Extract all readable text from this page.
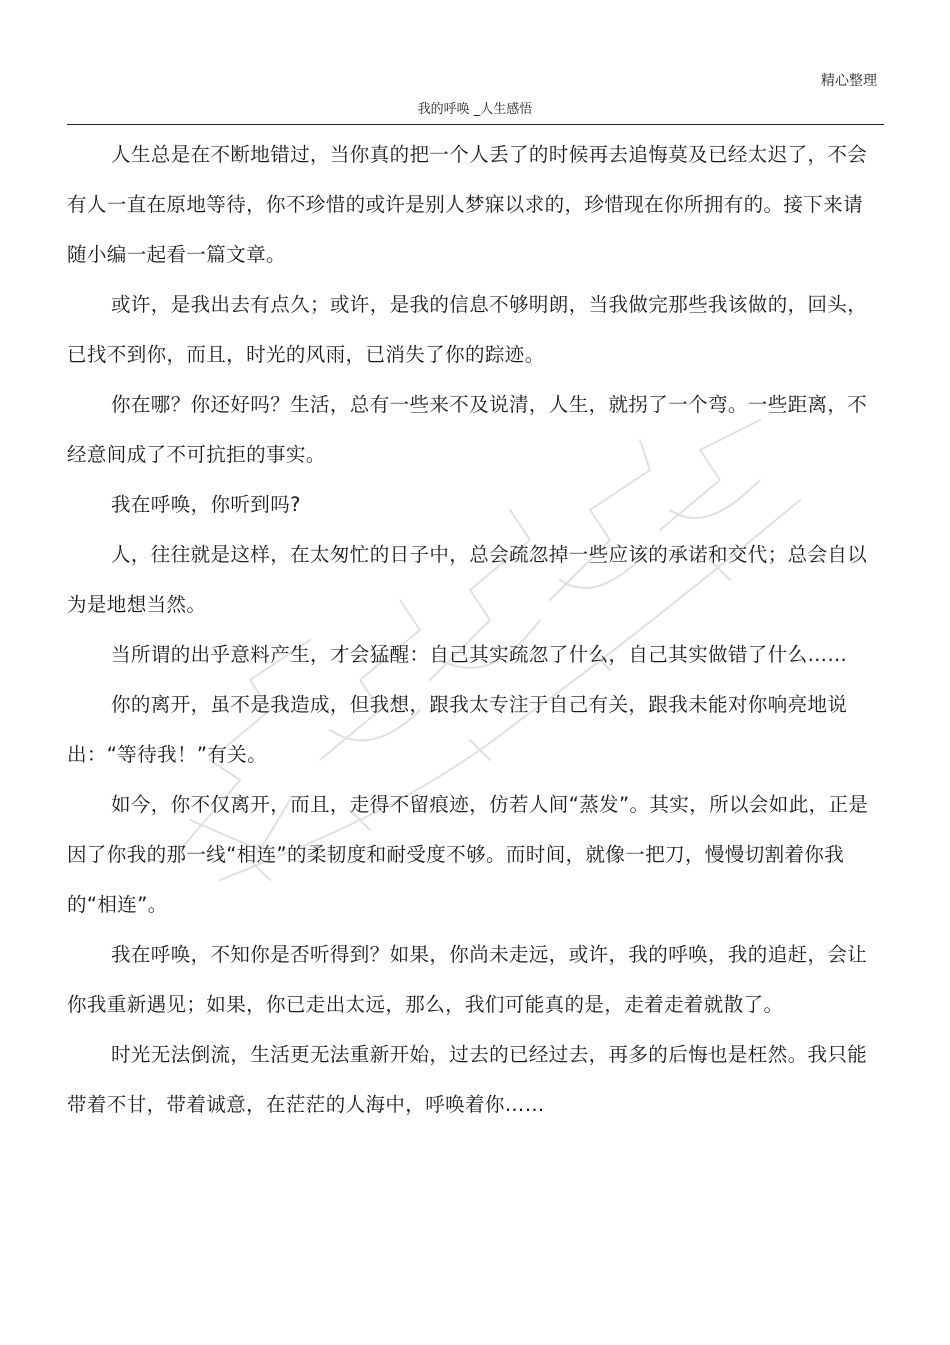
精心整理
我的呼唤 _人生感悟

人生总是在不断地错过，当你真的把一个人丢了的时候再去追悔莫及已经太迟了，不会有人一直在原地等待，你不珍惜的或许是别人梦寐以求的，珍惜现在你所拥有的。接下来请随小编一起看一篇文章。

或许，是我出去有点久；或许，是我的信息不够明朗，当我做完那些我该做的，回头，已找不到你，而且，时光的风雨，已消失了你的踪迹。

你在哪？你还好吗？生活，总有一些来不及说清，人生，就拐了一个弯。一些距离，不经意间成了不可抗拒的事实。

我在呼唤，你听到吗?

人，往往就是这样，在太匆忙的日子中，总会疏忽掉一些应该的承诺和交代；总会自以为是地想当然。

当所谓的出乎意料产生，才会猛醒：自己其实疏忽了什么，自己其实做错了什么……

你的离开，虽不是我造成，但我想，跟我太专注于自己有关，跟我未能对你响亮地说出：“等待我！”有关。

如今，你不仅离开，而且，走得不留痕迹，仿若人间“蒸发”。其实，所以会如此，正是因了你我的那一线“相连”的柔韧度和耐受度不够。而时间，就像一把刀，慢慢切割着你我的“相连”。

我在呼唤，不知你是否听得到？如果，你尚未走远，或许，我的呼唤，我的追赶，会让你我重新遇见；如果，你已走出太远，那么，我们可能真的是，走着走着就散了。

时光无法倒流，生活更无法重新开始，过去的已经过去，再多的后悔也是枉然。我只能带着不甘，带着诚意，在茫茫的人海中，呼唤着你……
